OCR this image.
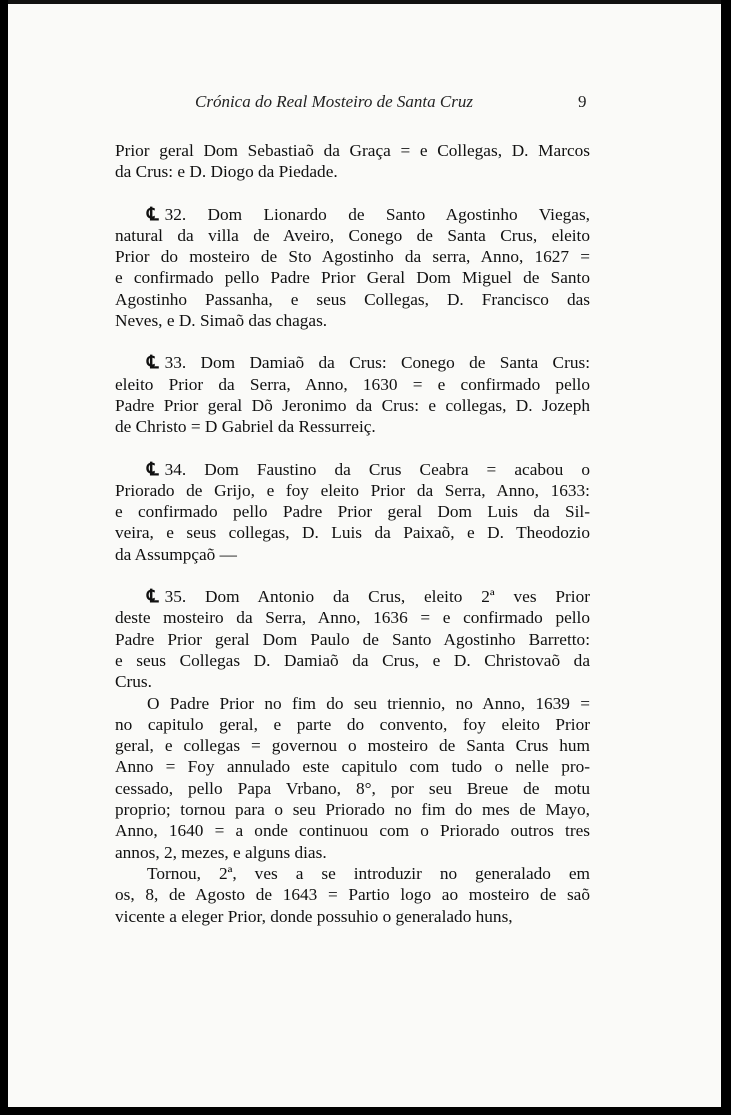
Crónica do Real Mosteiro de Santa Cruz	9
Prior geral Dom Sebastiaõ da Graça = e Collegas, D. Marcos
da Crus: e D. Diogo da Piedade.
℄ 32. Dom Lionardo de Santo Agostinho Viegas,
natural da villa de Aveiro, Conego de Santa Crus, eleito
Prior do mosteiro de Sto Agostinho da serra, Anno, 1627 =
e confirmado pello Padre Prior Geral Dom Miguel de Santo
Agostinho Passanha, e seus Collegas, D. Francisco das
Neves, e D. Simaõ das chagas.
℄ 33. Dom Damiaõ da Crus: Conego de Santa Crus:
eleito Prior da Serra, Anno, 1630 = e confirmado pello
Padre Prior geral Dõ Jeronimo da Crus: e collegas, D. Jozeph
de Christo = D Gabriel da Ressurreiç.
℄ 34. Dom Faustino da Crus Ceabra = acabou o
Priorado de Grijo, e foy eleito Prior da Serra, Anno, 1633:
e confirmado pello Padre Prior geral Dom Luis da Sil-
veira, e seus collegas, D. Luis da Paixaõ, e D. Theodozio
da Assumpçaõ —
℄ 35. Dom Antonio da Crus, eleito 2ª ves Prior
deste mosteiro da Serra, Anno, 1636 = e confirmado pello
Padre Prior geral Dom Paulo de Santo Agostinho Barretto:
e seus Collegas D. Damiaõ da Crus, e D. Christovaõ da
Crus.
O Padre Prior no fim do seu triennio, no Anno, 1639 =
no capitulo geral, e parte do convento, foy eleito Prior
geral, e collegas = governou o mosteiro de Santa Crus hum
Anno = Foy annulado este capitulo com tudo o nelle pro-
cessado, pello Papa Vrbano, 8°, por seu Breue de motu
proprio; tornou para o seu Priorado no fim do mes de Mayo,
Anno, 1640 = a onde continuou com o Priorado outros tres
annos, 2, mezes, e alguns dias.
Tornou, 2ª, ves a se introduzir no generalado em
os, 8, de Agosto de 1643 = Partio logo ao mosteiro de saõ
vicente a eleger Prior, donde possuhio o generalado huns,
